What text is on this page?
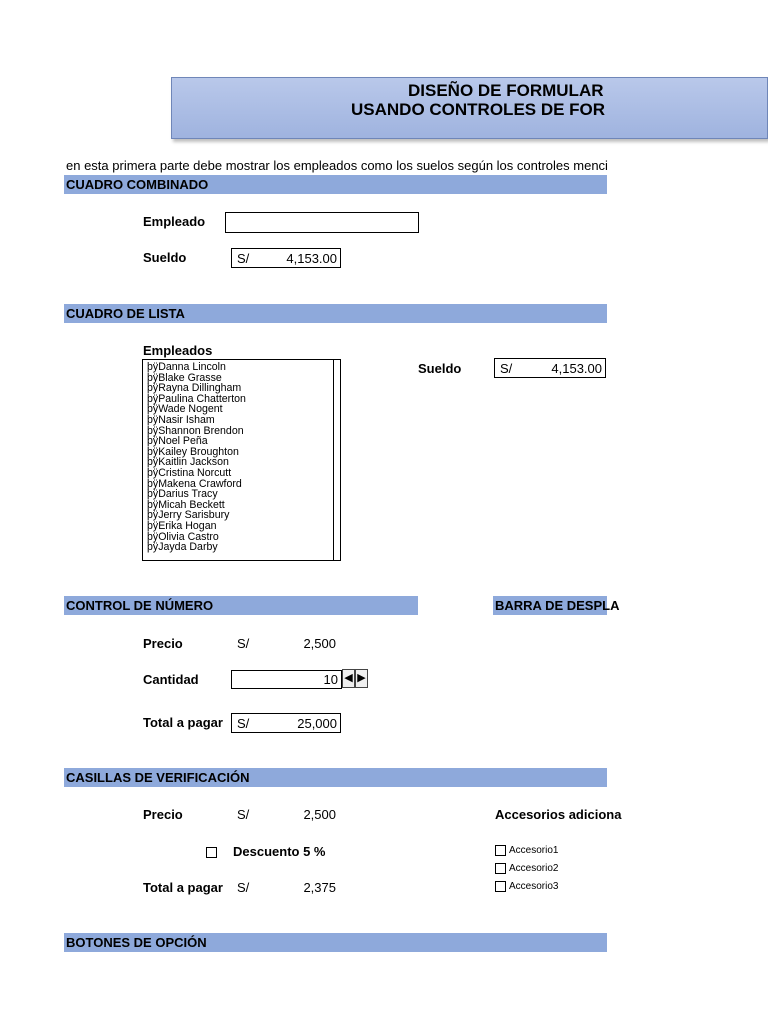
DISEÑO DE FORMULAR
USANDO CONTROLES DE FOR
en esta primera parte debe mostrar los empleados como los suelos según los controles menci
CUADRO COMBINADO
Empleado
Sueldo	S/	4,153.00
CUADRO DE LISTA
Empleados
þÿDanna Lincoln
þÿBlake Grasse
þÿRayna Dillingham
þÿPaulina Chatterton
þÿWade Nogent
þÿNasir Isham
þÿShannon Brendon
þÿNoel Peña
þÿKailey Broughton
þÿKaitlin Jackson
þÿCristina Norcutt
þÿMakena Crawford
þÿDarius Tracy
þÿMicah Beckett
þÿJerry Sarisbury
þÿErika Hogan
þÿOlivia Castro
þÿJayda Darby
Sueldo	S/	4,153.00
CONTROL DE NÚMERO	BARRA DE DESPLA
Precio	S/	2,500
Cantidad	10 ◀ ▶
Total a pagar S/	25,000
CASILLAS DE VERIFICACIÓN
Precio	S/	2,500	Accesorios adiciona
Descuento 5 %	Accesorio1
Accesorio2
Accesorio3
Total a pagar S/	2,375
BOTONES DE OPCIÓN
